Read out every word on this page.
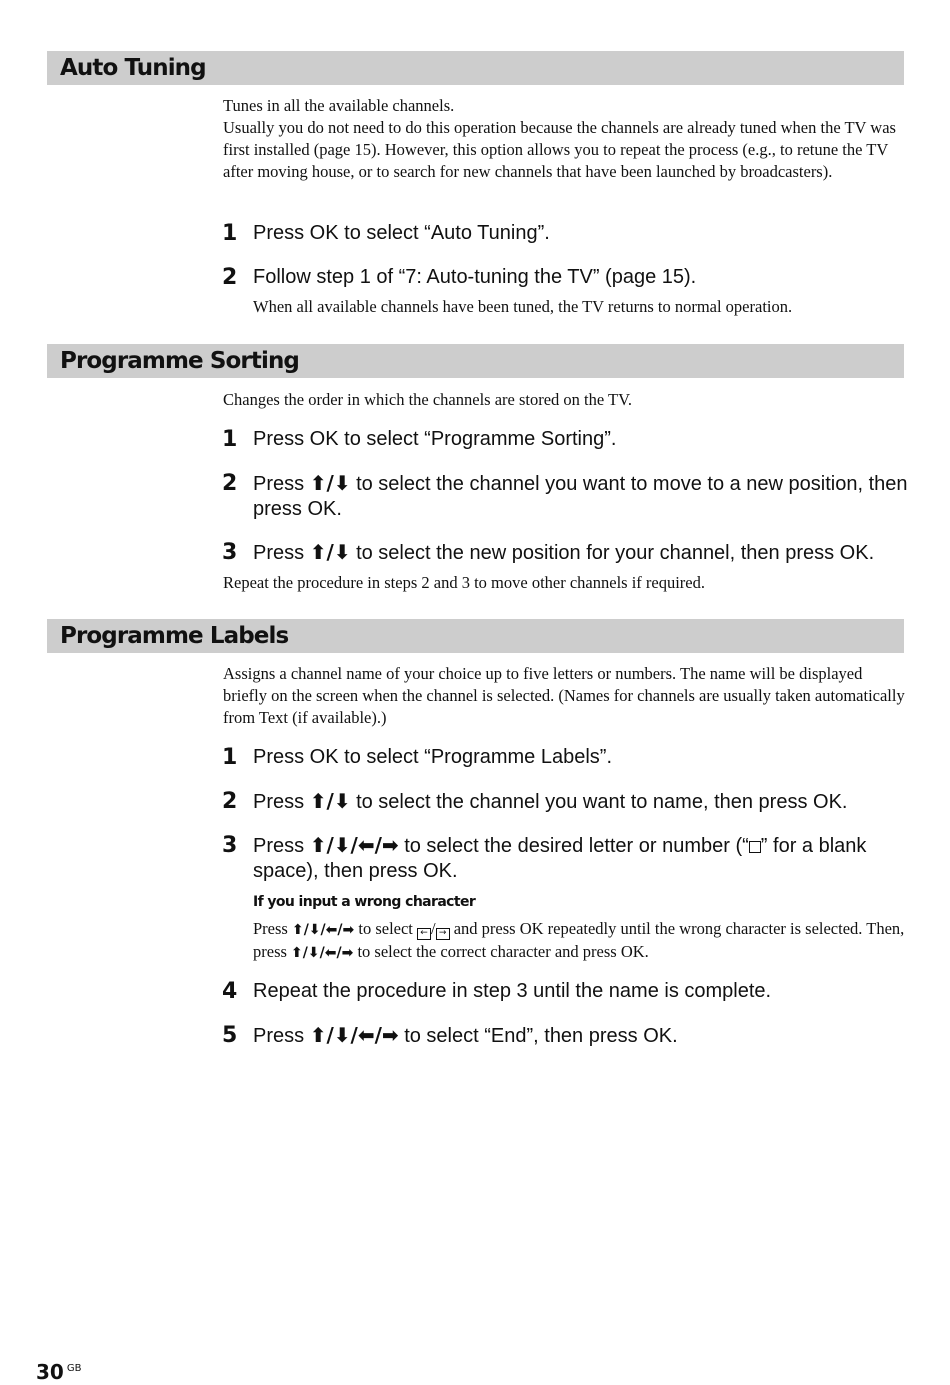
Auto Tuning
Tunes in all the available channels.
Usually you do not need to do this operation because the channels are already tuned when the TV was first installed (page 15). However, this option allows you to repeat the process (e.g., to retune the TV after moving house, or to search for new channels that have been launched by broadcasters).
1 Press OK to select “Auto Tuning”.
2 Follow step 1 of “7: Auto-tuning the TV” (page 15).
When all available channels have been tuned, the TV returns to normal operation.
Programme Sorting
Changes the order in which the channels are stored on the TV.
1 Press OK to select “Programme Sorting”.
2 Press ⬆/⬇ to select the channel you want to move to a new position, then press OK.
3 Press ⬆/⬇ to select the new position for your channel, then press OK.
Repeat the procedure in steps 2 and 3 to move other channels if required.
Programme Labels
Assigns a channel name of your choice up to five letters or numbers. The name will be displayed briefly on the screen when the channel is selected. (Names for channels are usually taken automatically from Text (if available).)
1 Press OK to select “Programme Labels”.
2 Press ⬆/⬇ to select the channel you want to name, then press OK.
3 Press ⬆/⬇/⬅/➡ to select the desired letter or number (“ ” for a blank space), then press OK.
If you input a wrong character
Press ⬆/⬇/⬅/➡ to select ← / → and press OK repeatedly until the wrong character is selected. Then, press ⬆/⬇/⬅/➡ to select the correct character and press OK.
4 Repeat the procedure in step 3 until the name is complete.
5 Press ⬆/⬇/⬅/➡ to select “End”, then press OK.
30 $^{GB}$
